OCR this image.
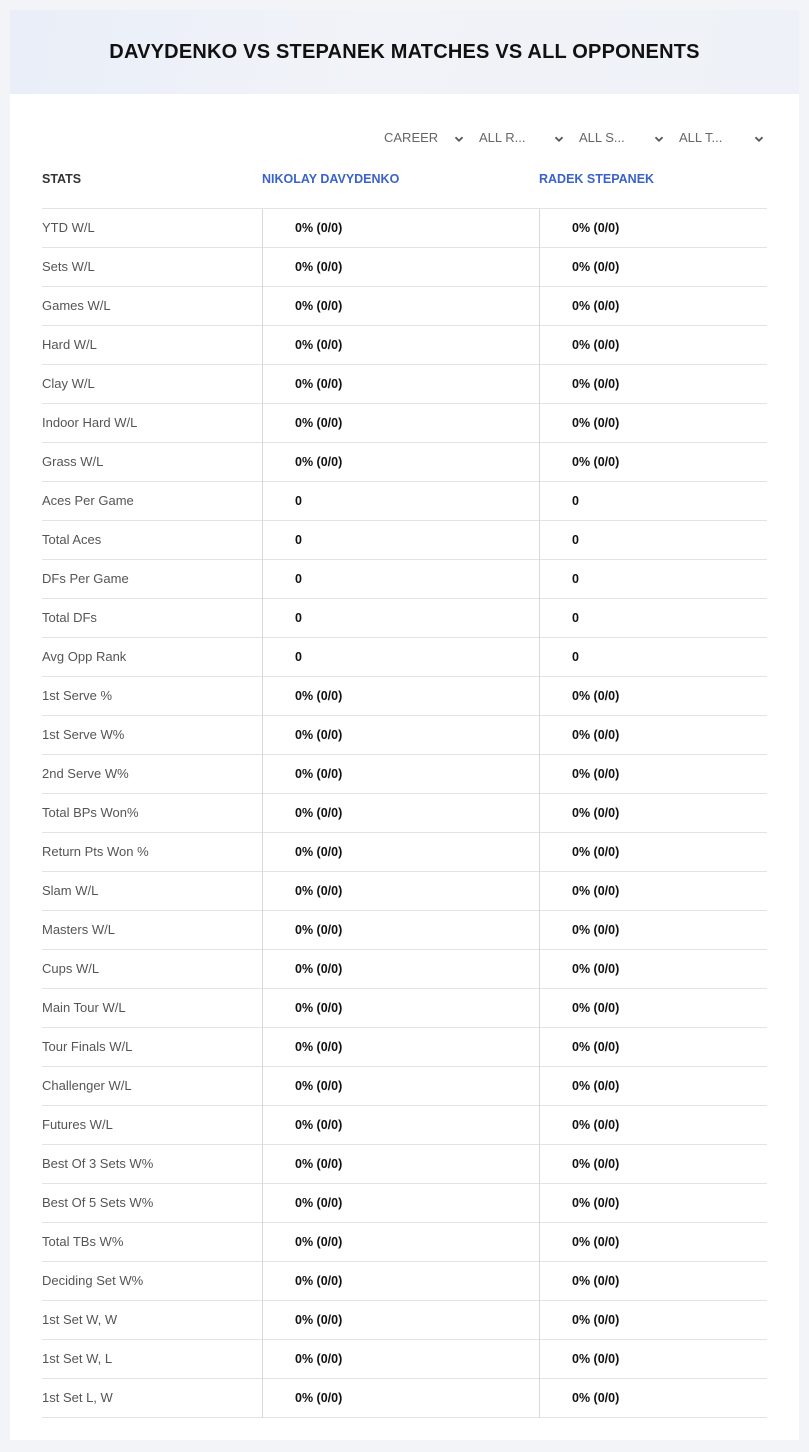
DAVYDENKO VS STEPANEK MATCHES VS ALL OPPONENTS
CAREER	ALL R...	ALL S...	ALL T...
STATS	NIKOLAY DAVYDENKO	RADEK STEPANEK
YTD W/L	0% (0/0)	0% (0/0)
Sets W/L	0% (0/0)	0% (0/0)
Games W/L	0% (0/0)	0% (0/0)
Hard W/L	0% (0/0)	0% (0/0)
Clay W/L	0% (0/0)	0% (0/0)
Indoor Hard W/L	0% (0/0)	0% (0/0)
Grass W/L	0% (0/0)	0% (0/0)
Aces Per Game	0	0
Total Aces	0	0
DFs Per Game	0	0
Total DFs	0	0
Avg Opp Rank	0	0
1st Serve %	0% (0/0)	0% (0/0)
1st Serve W%	0% (0/0)	0% (0/0)
2nd Serve W%	0% (0/0)	0% (0/0)
Total BPs Won%	0% (0/0)	0% (0/0)
Return Pts Won %	0% (0/0)	0% (0/0)
Slam W/L	0% (0/0)	0% (0/0)
Masters W/L	0% (0/0)	0% (0/0)
Cups W/L	0% (0/0)	0% (0/0)
Main Tour W/L	0% (0/0)	0% (0/0)
Tour Finals W/L	0% (0/0)	0% (0/0)
Challenger W/L	0% (0/0)	0% (0/0)
Futures W/L	0% (0/0)	0% (0/0)
Best Of 3 Sets W%	0% (0/0)	0% (0/0)
Best Of 5 Sets W%	0% (0/0)	0% (0/0)
Total TBs W%	0% (0/0)	0% (0/0)
Deciding Set W%	0% (0/0)	0% (0/0)
1st Set W, W	0% (0/0)	0% (0/0)
1st Set W, L	0% (0/0)	0% (0/0)
1st Set L, W	0% (0/0)	0% (0/0)
